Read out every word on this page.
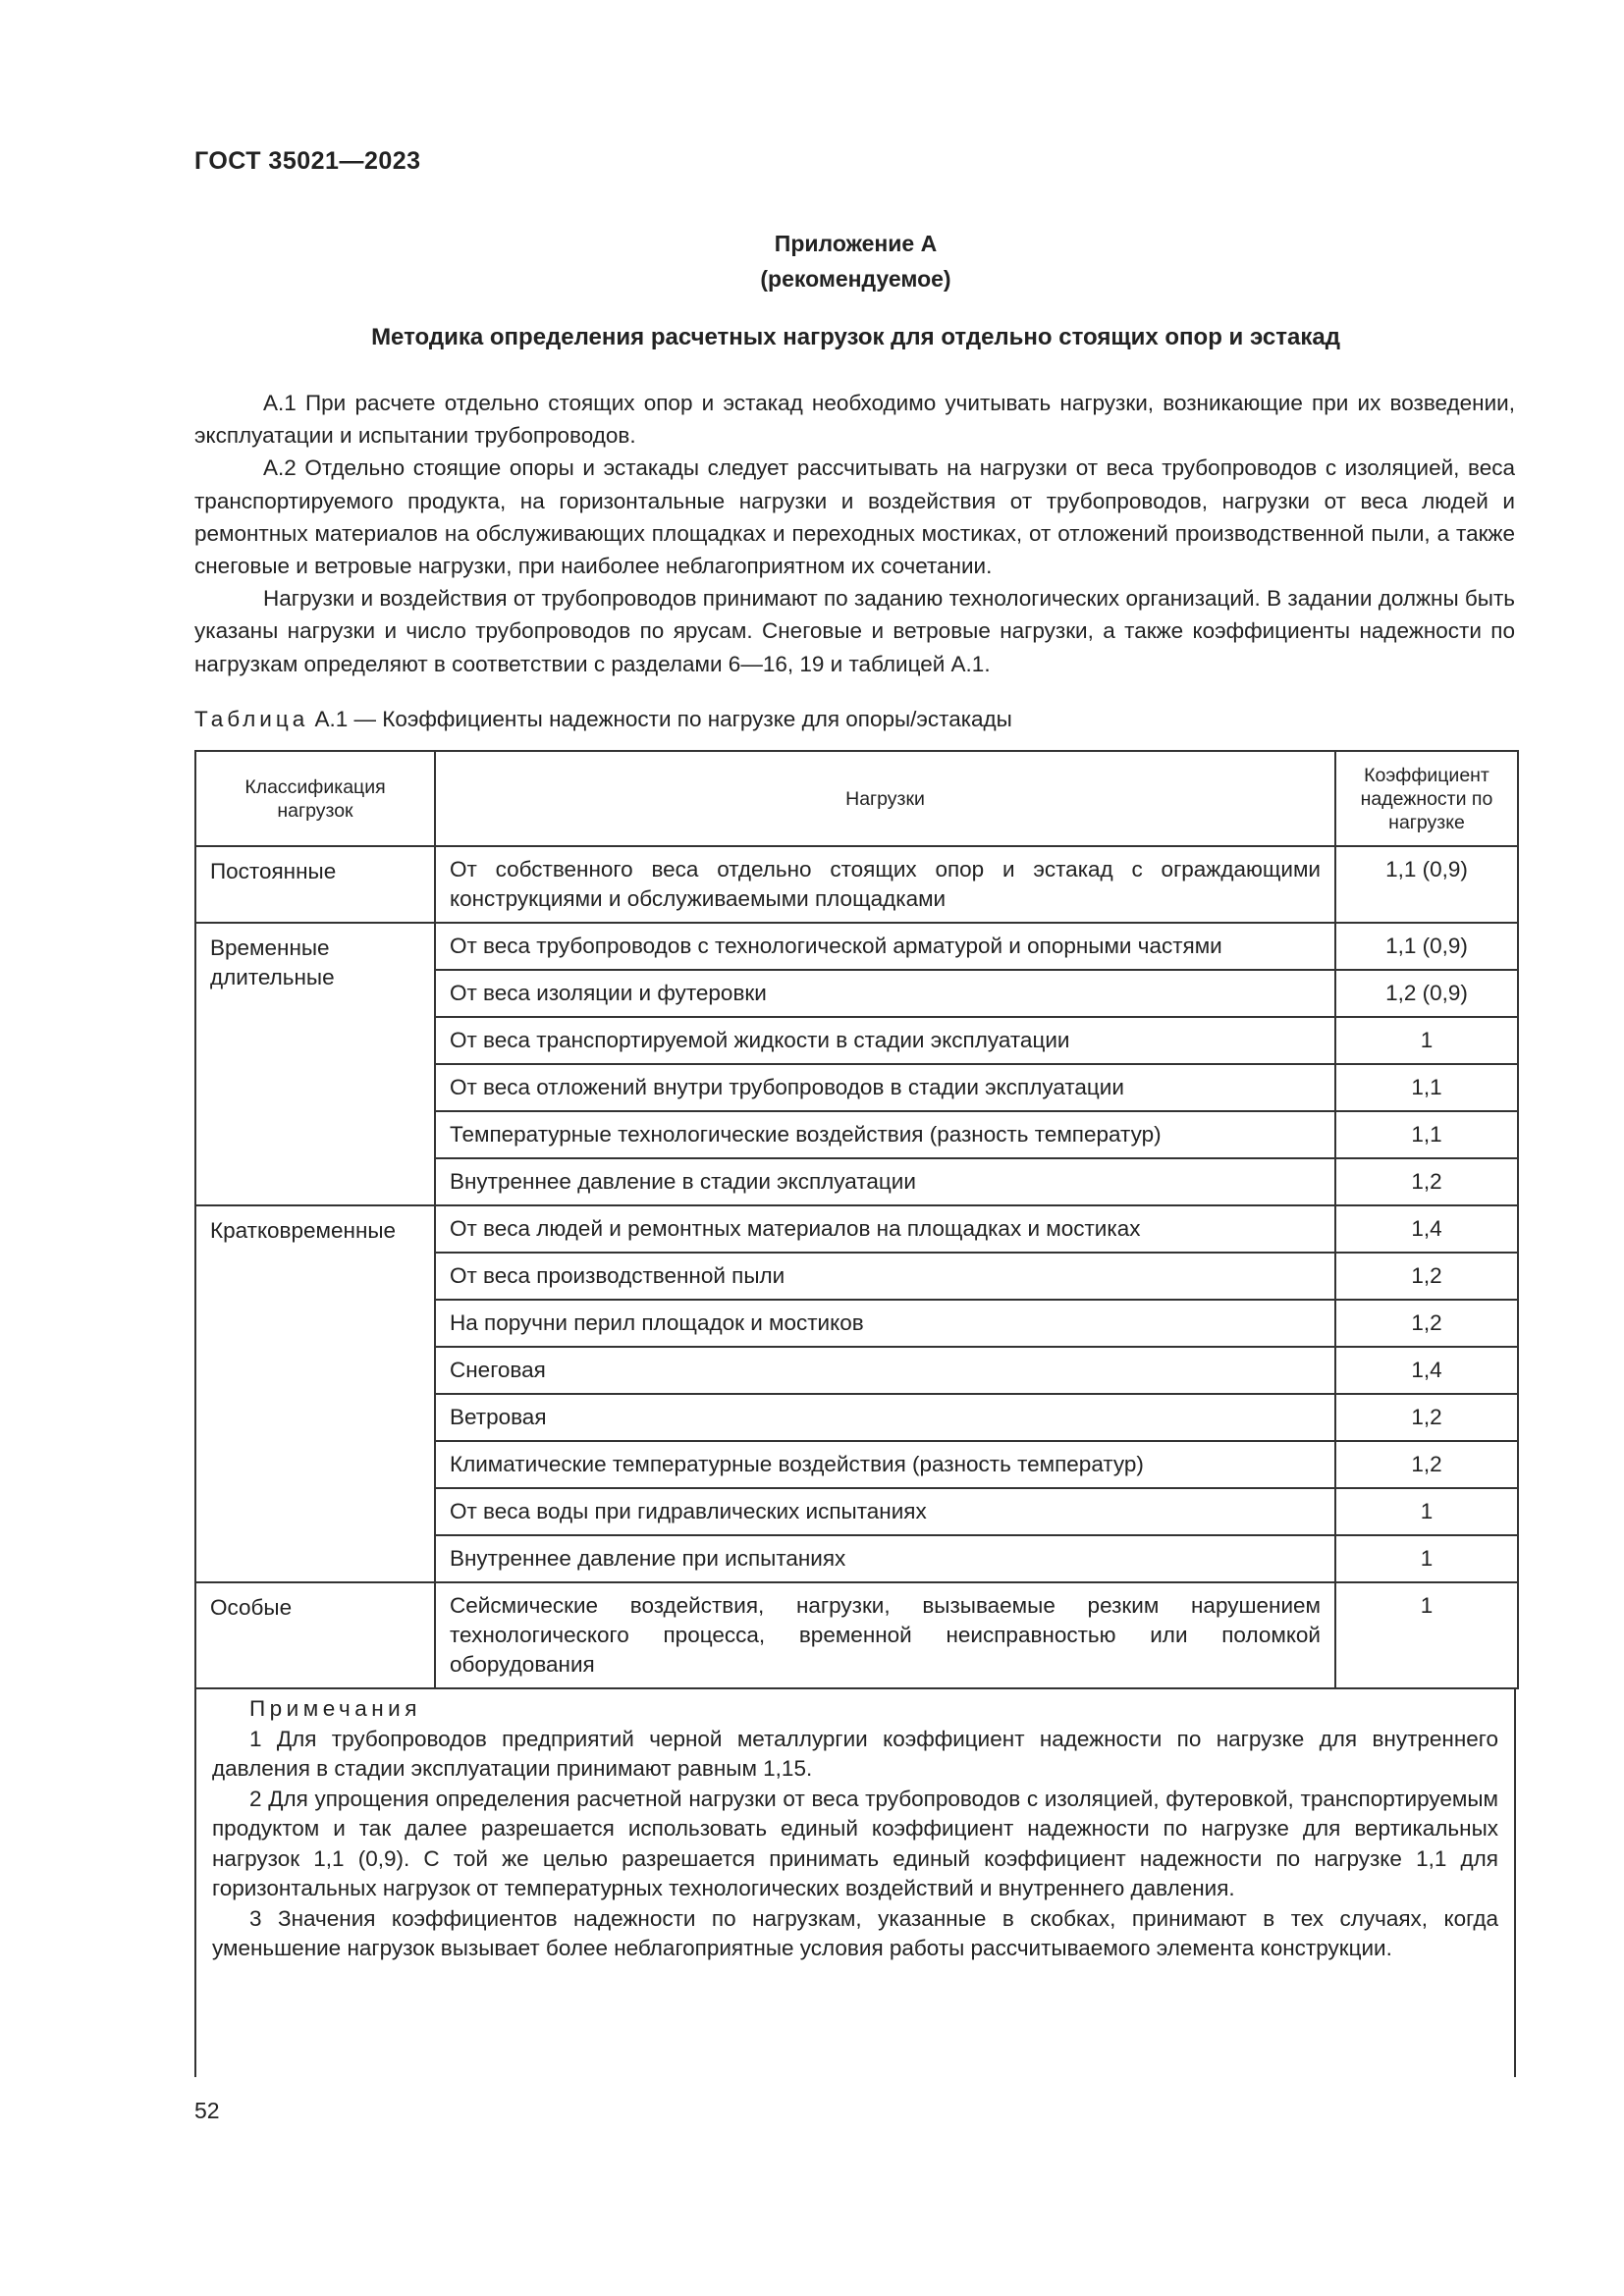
ГОСТ 35021—2023
Приложение А
(рекомендуемое)
Методика определения расчетных нагрузок для отдельно стоящих опор и эстакад

А.1 При расчете отдельно стоящих опор и эстакад необходимо учитывать нагрузки, возникающие при их возведении, эксплуатации и испытании трубопроводов.

А.2 Отдельно стоящие опоры и эстакады следует рассчитывать на нагрузки от веса трубопроводов с изоляцией, веса транспортируемого продукта, на горизонтальные нагрузки и воздействия от трубопроводов, нагрузки от веса людей и ремонтных материалов на обслуживающих площадках и переходных мостиках, от отложений производственной пыли, а также снеговые и ветровые нагрузки, при наиболее неблагоприятном их сочетании.

Нагрузки и воздействия от трубопроводов принимают по заданию технологических организаций. В задании должны быть указаны нагрузки и число трубопроводов по ярусам. Снеговые и ветровые нагрузки, а также коэффициенты надежности по нагрузкам определяют в соответствии с разделами 6—16, 19 и таблицей А.1.

Таблица А.1 — Коэффициенты надежности по нагрузке для опоры/эстакады
Классификация нагрузок	Нагрузки	Коэффициент надежности по нагрузке
Постоянные	От собственного веса отдельно стоящих опор и эстакад с ограждающими конструкциями и обслуживаемыми площадками	1,1 (0,9)
Временные длительные	От веса трубопроводов с технологической арматурой и опорными частями	1,1 (0,9)
	От веса изоляции и футеровки	1,2 (0,9)
	От веса транспортируемой жидкости в стадии эксплуатации	1
	От веса отложений внутри трубопроводов в стадии эксплуатации	1,1
	Температурные технологические воздействия (разность температур)	1,1
	Внутреннее давление в стадии эксплуатации	1,2
Кратковременные	От веса людей и ремонтных материалов на площадках и мостиках	1,4
	От веса производственной пыли	1,2
	На поручни перил площадок и мостиков	1,2
	Снеговая	1,4
	Ветровая	1,2
	Климатические температурные воздействия (разность температур)	1,2
	От веса воды при гидравлических испытаниях	1
	Внутреннее давление при испытаниях	1
Особые	Сейсмические воздействия, нагрузки, вызываемые резким нарушением технологического процесса, временной неисправностью или поломкой оборудования	1
Примечания

1 Для трубопроводов предприятий черной металлургии коэффициент надежности по нагрузке для внутреннего давления в стадии эксплуатации принимают равным 1,15.

2 Для упрощения определения расчетной нагрузки от веса трубопроводов с изоляцией, футеровкой, транспортируемым продуктом и так далее разрешается использовать единый коэффициент надежности по нагрузке для вертикальных нагрузок 1,1 (0,9). С той же целью разрешается принимать единый коэффициент надежности по нагрузке 1,1 для горизонтальных нагрузок от температурных технологических воздействий и внутреннего давления.

3 Значения коэффициентов надежности по нагрузкам, указанные в скобках, принимают в тех случаях, когда уменьшение нагрузок вызывает более неблагоприятные условия работы рассчитываемого элемента конструкции.

52
